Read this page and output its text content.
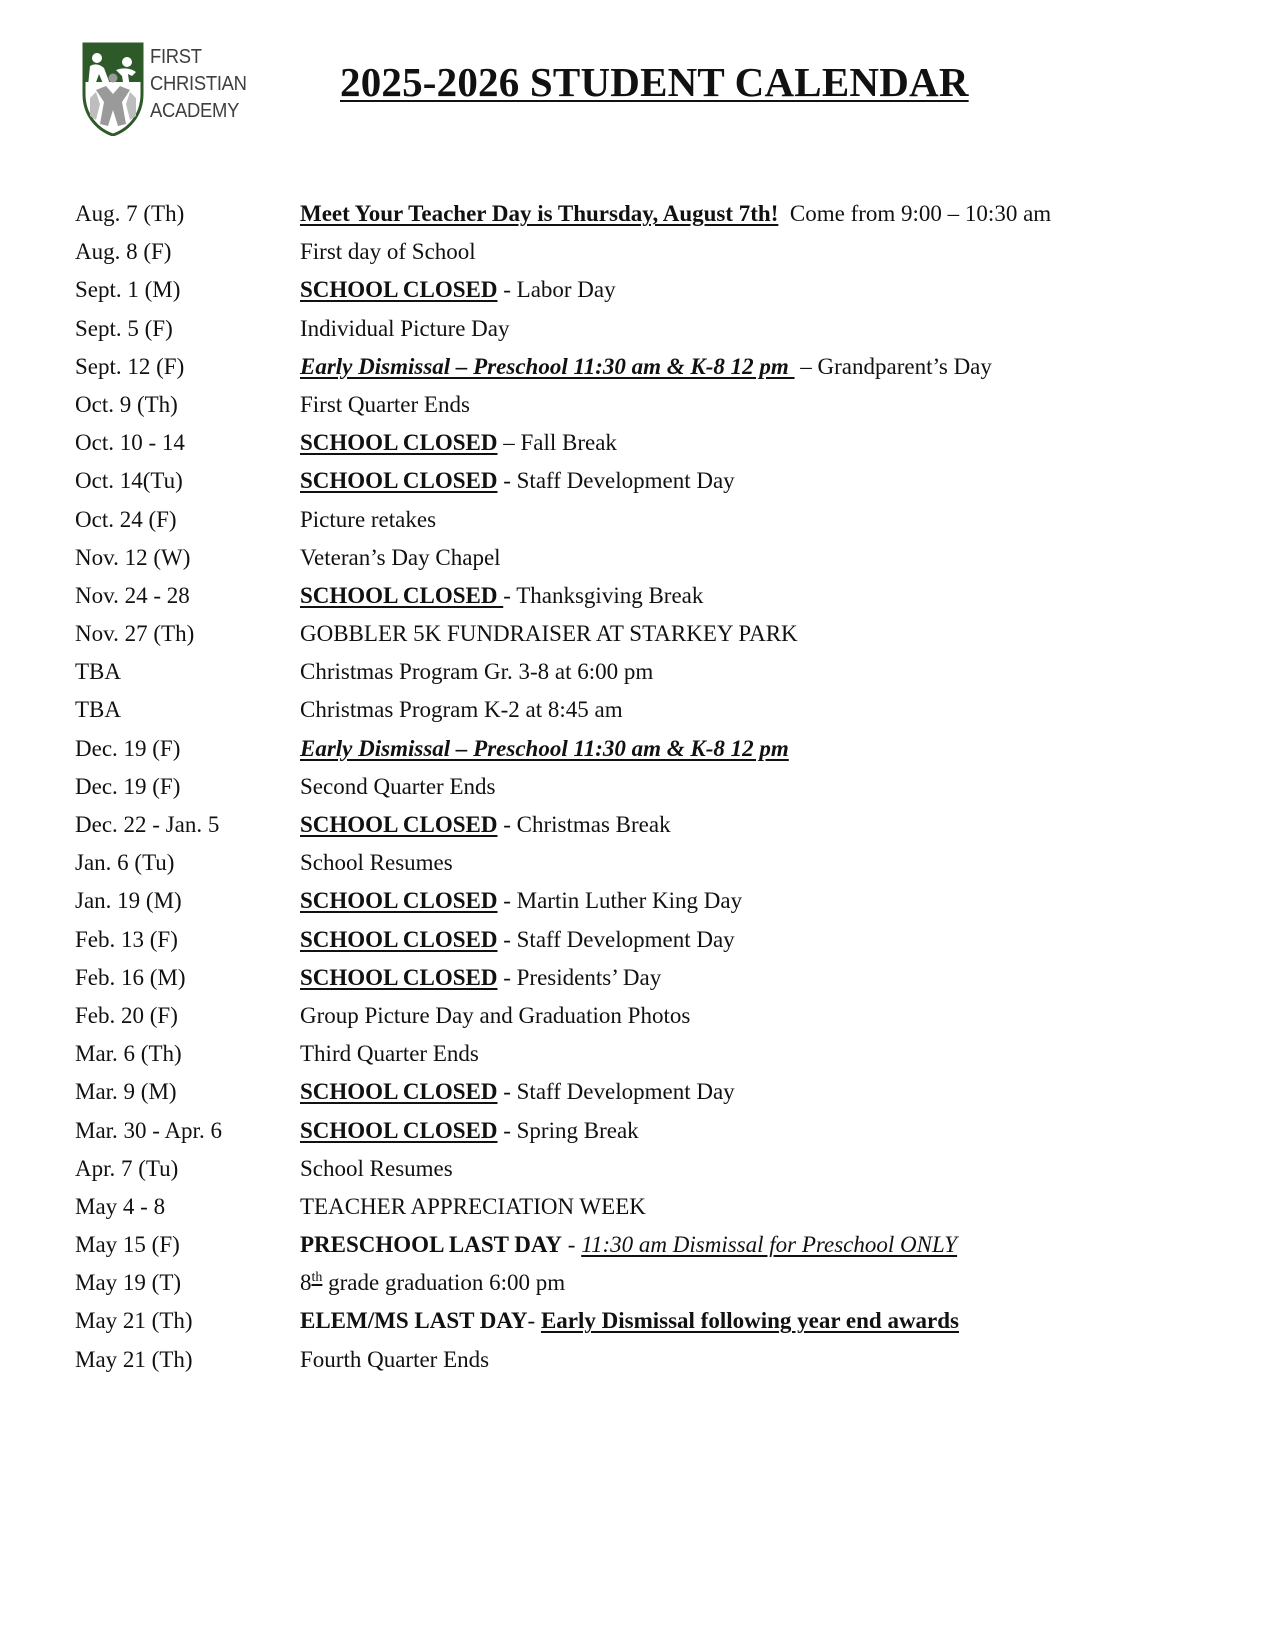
FIRST
CHRISTIAN
ACADEMY
2025-2026 STUDENT CALENDAR
Aug. 7 (Th)	Meet Your Teacher Day is Thursday, August 7th!  Come from 9:00 – 10:30 am
Aug. 8 (F)	First day of School
Sept. 1 (M)	SCHOOL CLOSED - Labor Day
Sept. 5 (F)	Individual Picture Day
Sept. 12 (F)	Early Dismissal – Preschool 11:30 am & K-8 12 pm  – Grandparent’s Day
Oct. 9 (Th)	First Quarter Ends
Oct. 10 - 14	SCHOOL CLOSED – Fall Break
Oct. 14(Tu)	SCHOOL CLOSED - Staff Development Day
Oct. 24 (F)	Picture retakes
Nov. 12 (W)	Veteran’s Day Chapel
Nov. 24 - 28	SCHOOL CLOSED - Thanksgiving Break
Nov. 27 (Th)	GOBBLER 5K FUNDRAISER AT STARKEY PARK
TBA	Christmas Program Gr. 3-8 at 6:00 pm
TBA	Christmas Program K-2 at 8:45 am
Dec. 19 (F)	Early Dismissal – Preschool 11:30 am & K-8 12 pm
Dec. 19 (F)	Second Quarter Ends
Dec. 22 - Jan. 5	SCHOOL CLOSED - Christmas Break
Jan. 6 (Tu)	School Resumes
Jan. 19 (M)	SCHOOL CLOSED - Martin Luther King Day
Feb. 13 (F)	SCHOOL CLOSED - Staff Development Day
Feb. 16 (M)	SCHOOL CLOSED - Presidents’ Day
Feb. 20 (F)	Group Picture Day and Graduation Photos
Mar. 6 (Th)	Third Quarter Ends
Mar. 9 (M)	SCHOOL CLOSED - Staff Development Day
Mar. 30 - Apr. 6	SCHOOL CLOSED - Spring Break
Apr. 7 (Tu)	School Resumes
May 4 - 8	TEACHER APPRECIATION WEEK
May 15 (F)	PRESCHOOL LAST DAY - 11:30 am Dismissal for Preschool ONLY
May 19 (T)	8th grade graduation 6:00 pm
May 21 (Th)	ELEM/MS LAST DAY- Early Dismissal following year end awards
May 21 (Th)	Fourth Quarter Ends
